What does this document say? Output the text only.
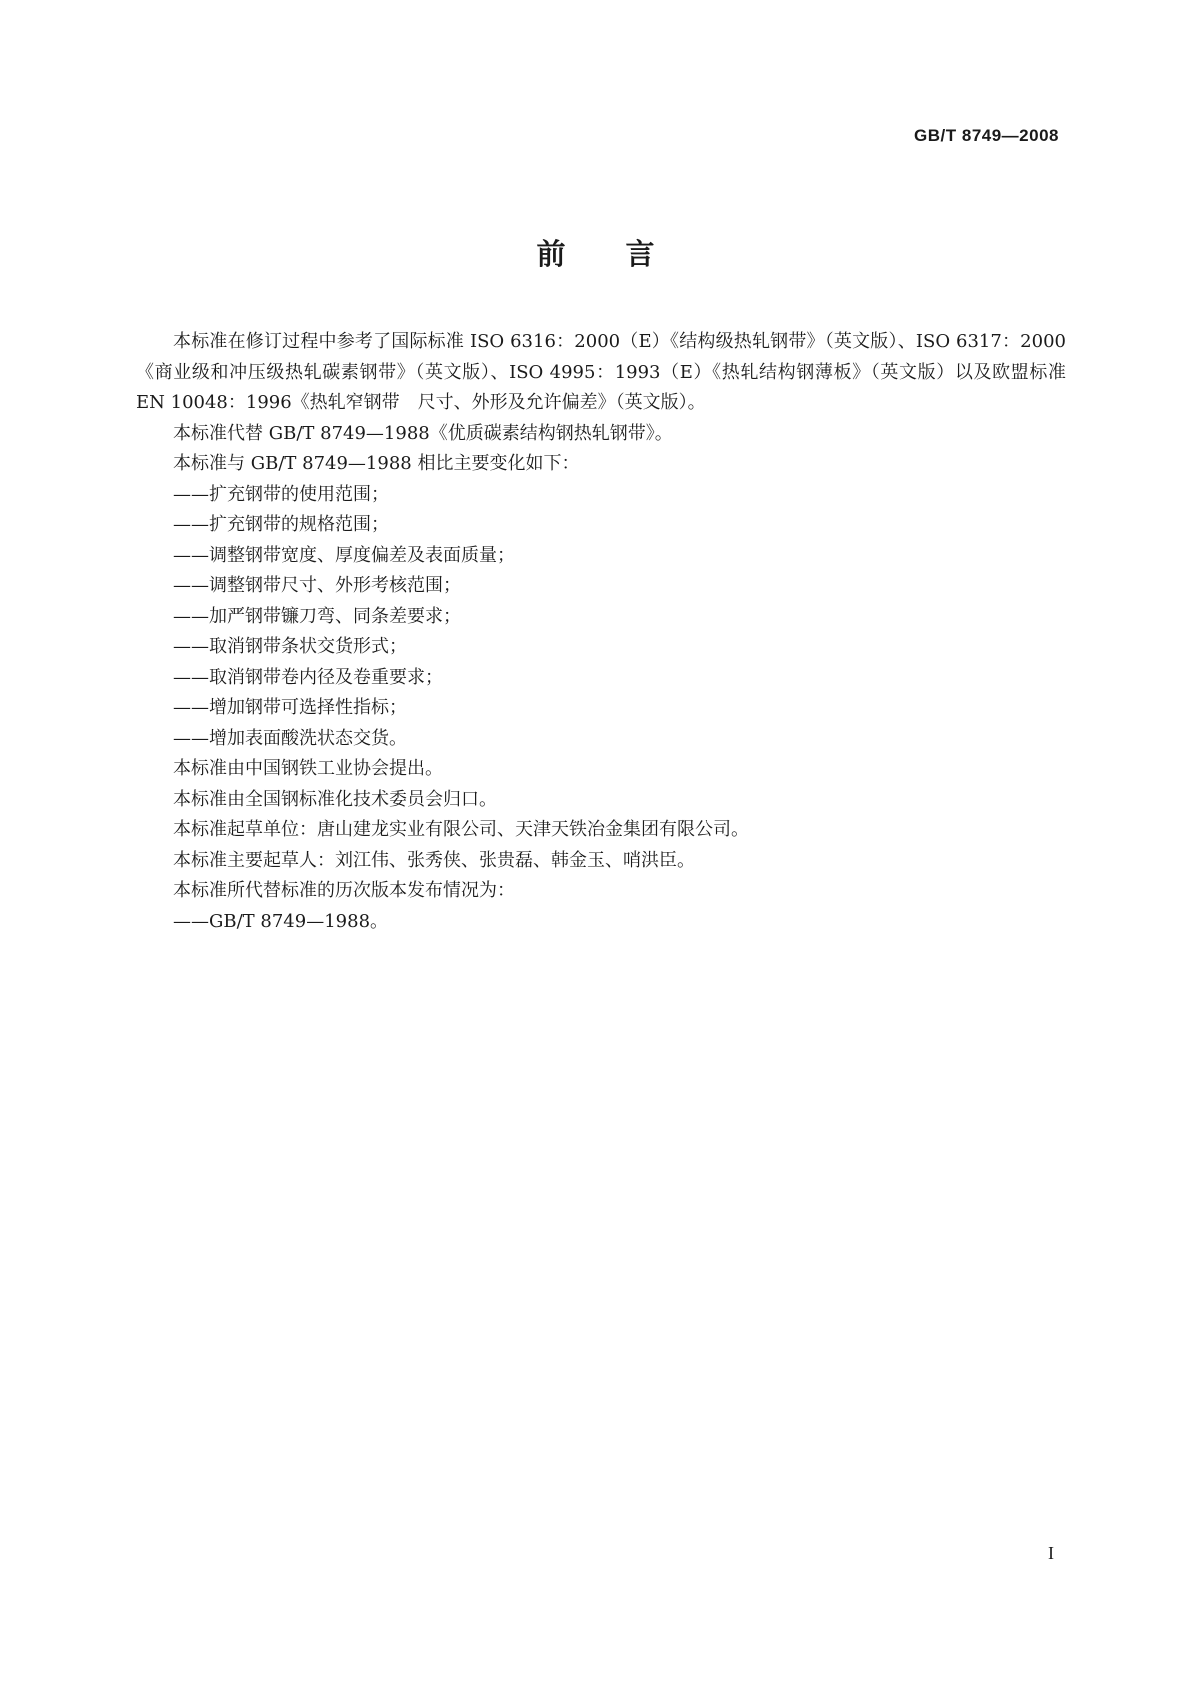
GB/T 8749—2008
前言

本标准在修订过程中参考了国际标准 ISO 6316：2000（E）《结构级热轧钢带》（英文版）、ISO 6317：2000《商业级和冲压级热轧碳素钢带》（英文版）、ISO 4995：1993（E）《热轧结构钢薄板》（英文版）以及欧盟标准 EN 10048：1996《热轧窄钢带　尺寸、外形及允许偏差》（英文版）。

本标准代替 GB/T 8749—1988《优质碳素结构钢热轧钢带》。

本标准与 GB/T 8749—1988 相比主要变化如下：

——扩充钢带的使用范围；

——扩充钢带的规格范围；

——调整钢带宽度、厚度偏差及表面质量；

——调整钢带尺寸、外形考核范围；

——加严钢带镰刀弯、同条差要求；

——取消钢带条状交货形式；

——取消钢带卷内径及卷重要求；

——增加钢带可选择性指标；

——增加表面酸洗状态交货。

本标准由中国钢铁工业协会提出。

本标准由全国钢标准化技术委员会归口。

本标准起草单位：唐山建龙实业有限公司、天津天铁冶金集团有限公司。

本标准主要起草人：刘江伟、张秀侠、张贵磊、韩金玉、哨洪臣。

本标准所代替标准的历次版本发布情况为：

——GB/T 8749—1988。

I
